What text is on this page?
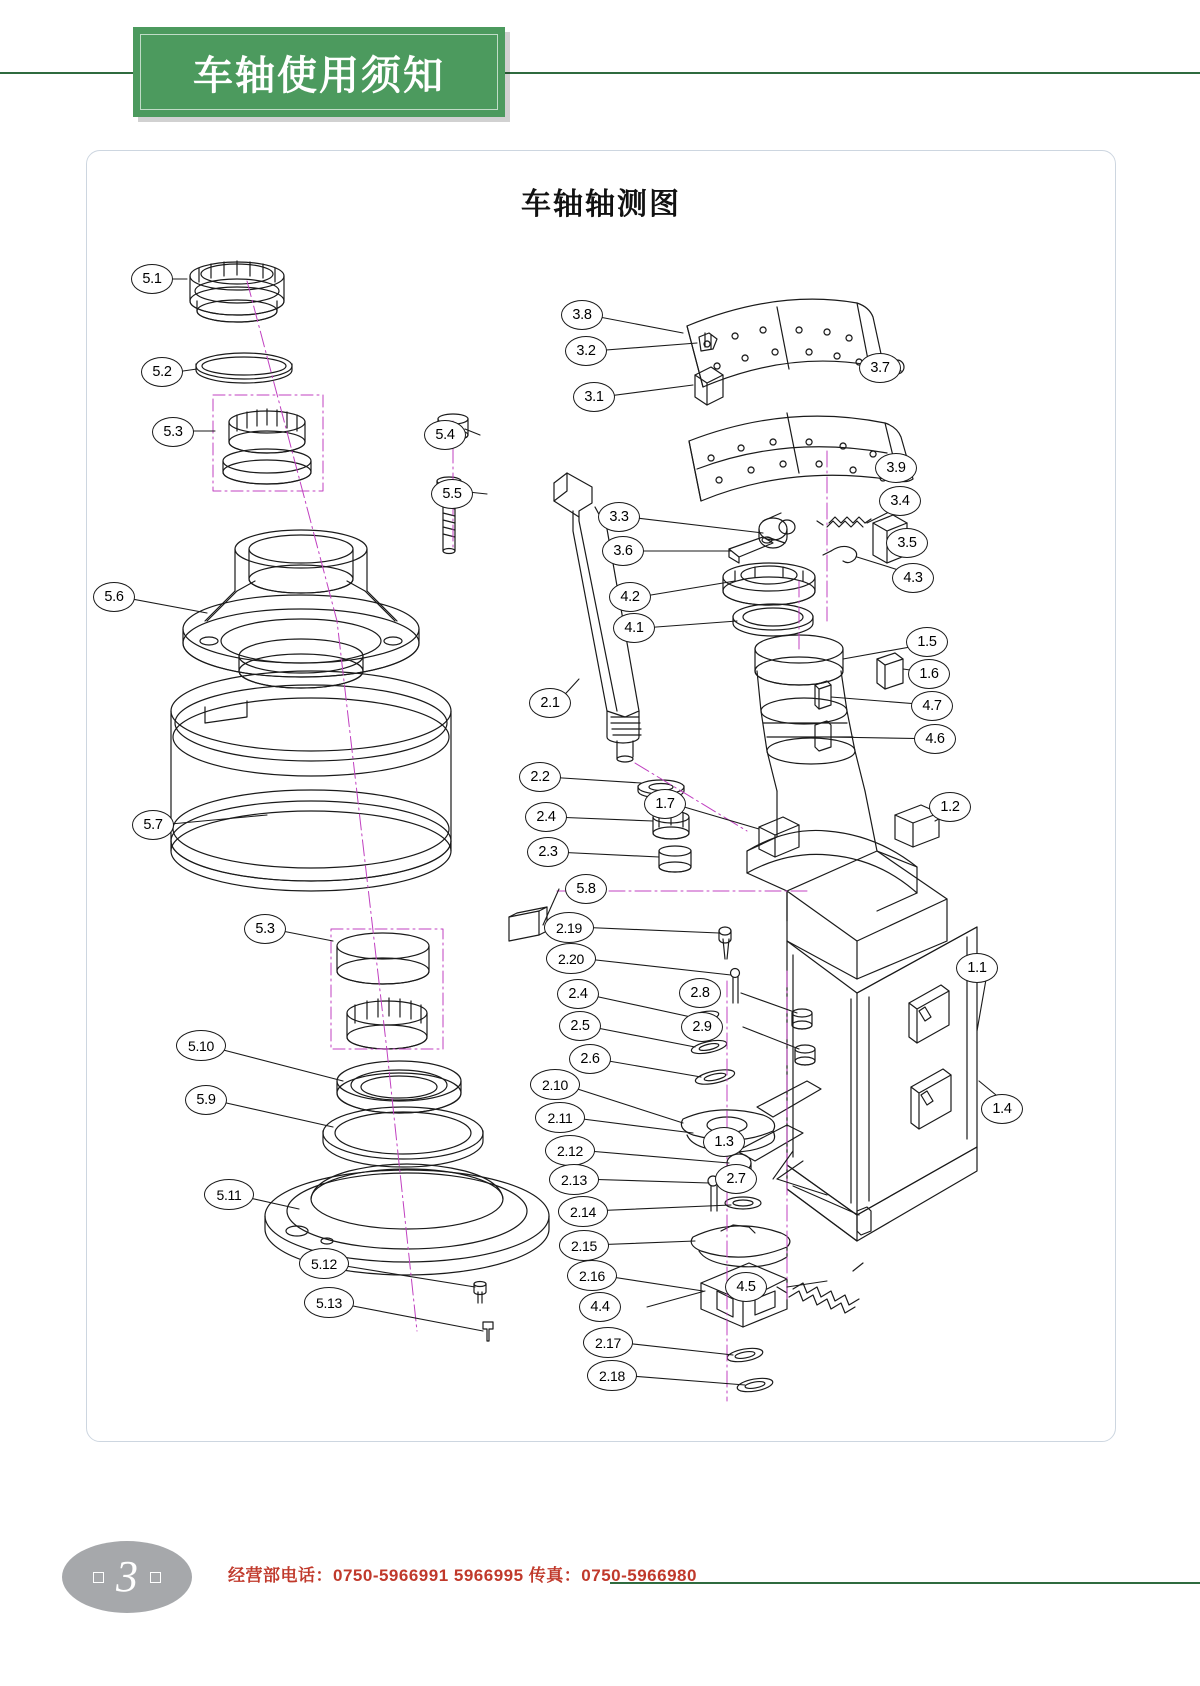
车轴使用须知
车轴轴测图
5.1
5.2
5.3	5.4
5.5
5.6
5.7
5.8
5.3
5.10
5.9
5.11
5.12
5.13
2.1
2.2
2.4
2.3
2.19
2.20
2.4
2.5
2.6
2.8
2.9
2.10
2.11
2.12
2.13
2.14
2.15
2.16
2.17
2.18
2.7
3.8
3.2
3.1
3.7
3.9
3.3
3.4
3.6	3.5
4.3
4.2
4.1
1.5
1.6
4.7
4.6
1.7	1.2
1.1
1.4
1.3
4.4
4.5
3	经营部电话：0750-5966991 5966995 传真：0750-5966980
